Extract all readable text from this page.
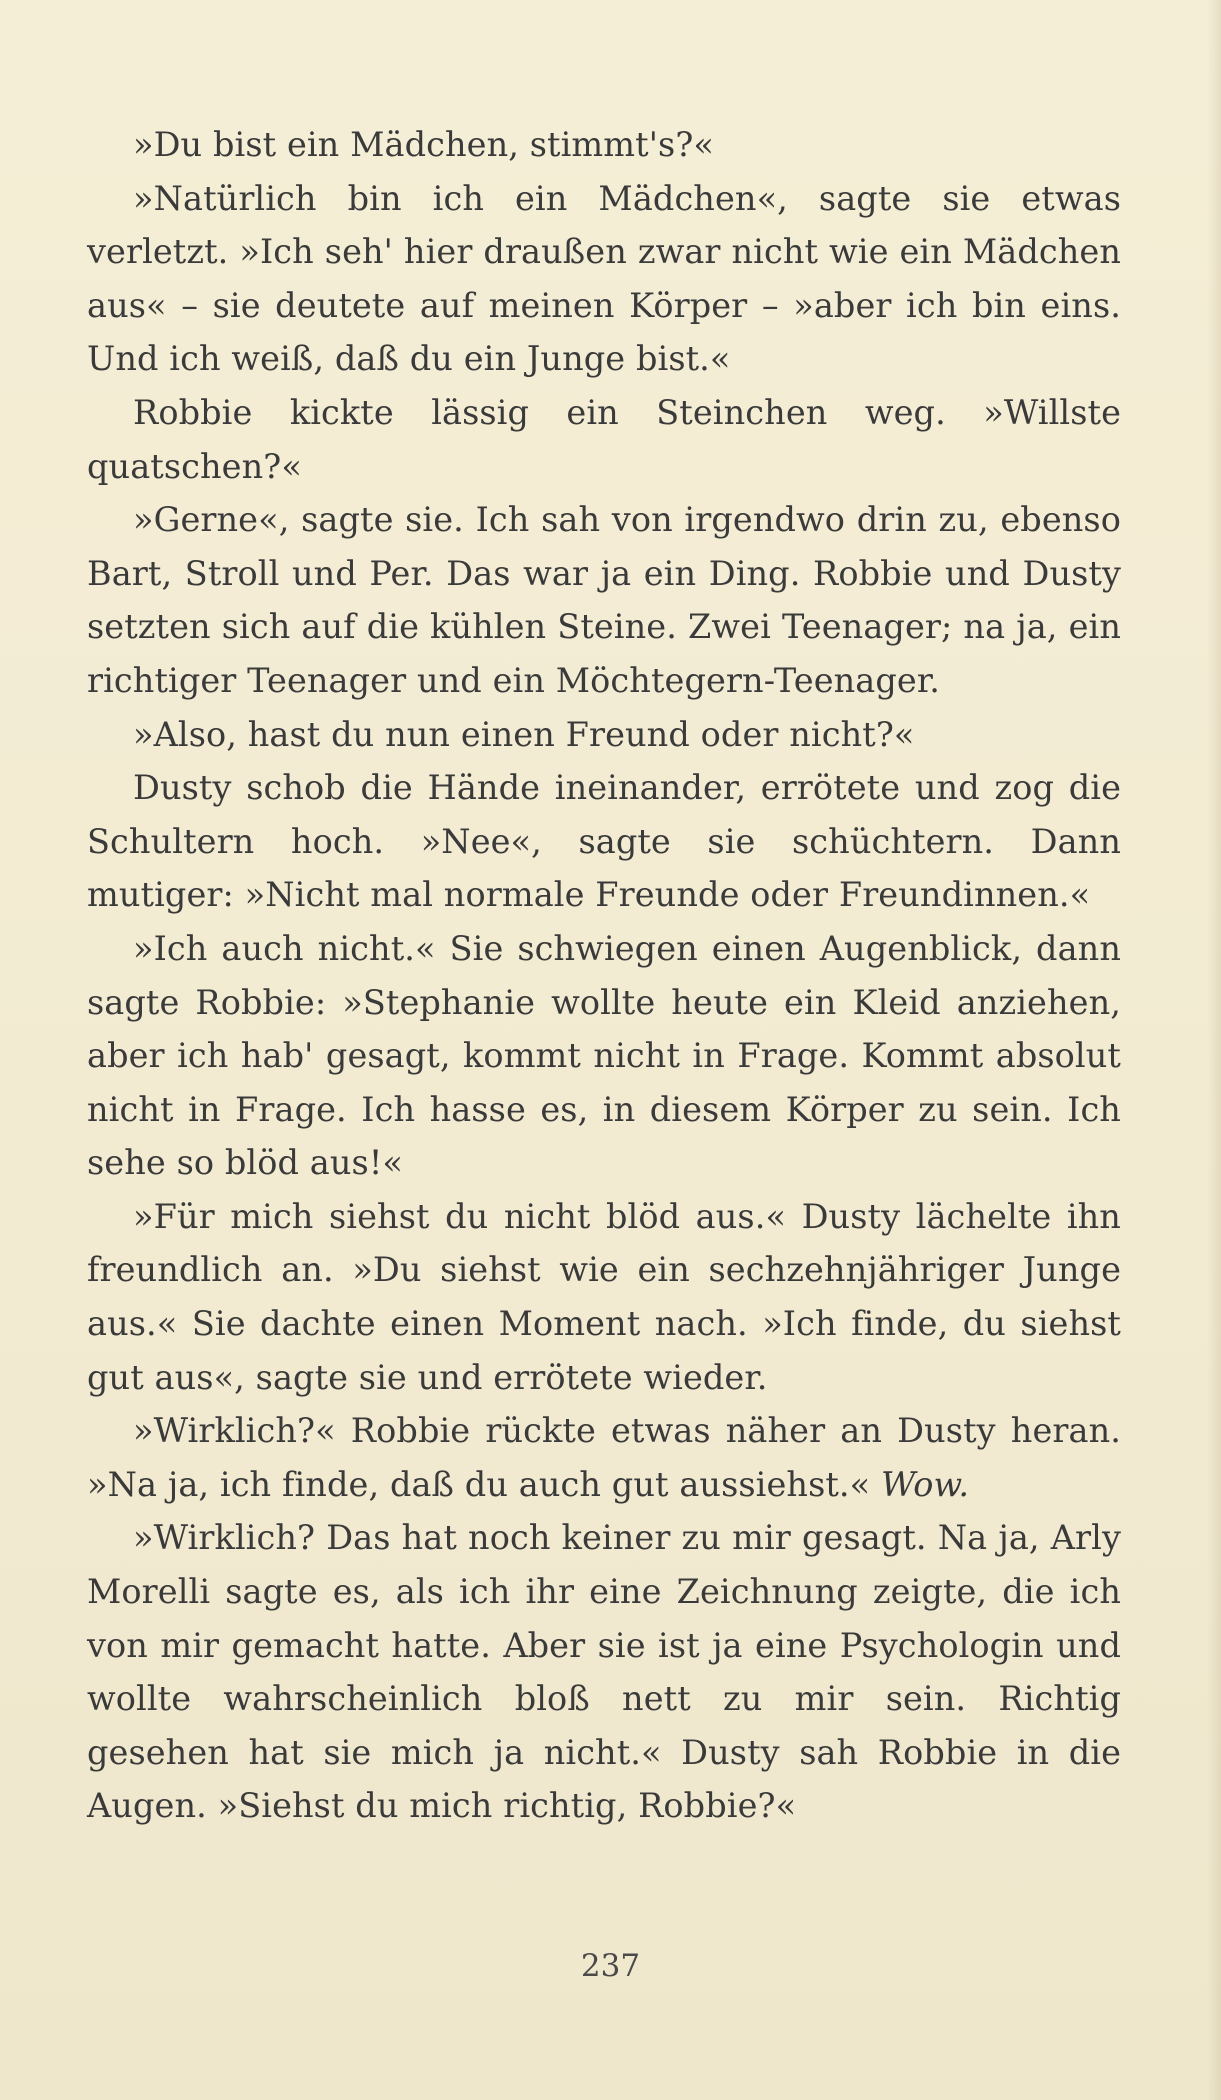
»Du bist ein Mädchen, stimmt's?«

»Natürlich bin ich ein Mädchen«, sagte sie etwas verletzt. »Ich seh' hier draußen zwar nicht wie ein Mädchen aus« – sie deutete auf meinen Körper – »aber ich bin eins. Und ich weiß, daß du ein Junge bist.«

Robbie kickte lässig ein Steinchen weg. »Willste quatschen?«

»Gerne«, sagte sie. Ich sah von irgendwo drin zu, ebenso Bart, Stroll und Per. Das war ja ein Ding. Robbie und Dusty setzten sich auf die kühlen Steine. Zwei Teenager; na ja, ein richtiger Teenager und ein Möchtegern-Teenager.

»Also, hast du nun einen Freund oder nicht?«

Dusty schob die Hände ineinander, errötete und zog die Schultern hoch. »Nee«, sagte sie schüchtern. Dann mutiger: »Nicht mal normale Freunde oder Freundinnen.«

»Ich auch nicht.« Sie schwiegen einen Augenblick, dann sagte Robbie: »Stephanie wollte heute ein Kleid anziehen, aber ich hab' gesagt, kommt nicht in Frage. Kommt absolut nicht in Frage. Ich hasse es, in diesem Körper zu sein. Ich sehe so blöd aus!«

»Für mich siehst du nicht blöd aus.« Dusty lächelte ihn freundlich an. »Du siehst wie ein sechzehnjähriger Junge aus.« Sie dachte einen Moment nach. »Ich finde, du siehst gut aus«, sagte sie und errötete wieder.

»Wirklich?« Robbie rückte etwas näher an Dusty heran. »Na ja, ich finde, daß du auch gut aussiehst.« Wow.

»Wirklich? Das hat noch keiner zu mir gesagt. Na ja, Arly Morelli sagte es, als ich ihr eine Zeichnung zeigte, die ich von mir gemacht hatte. Aber sie ist ja eine Psychologin und wollte wahrscheinlich bloß nett zu mir sein. Richtig gesehen hat sie mich ja nicht.« Dusty sah Robbie in die Augen. »Siehst du mich richtig, Robbie?«

237
